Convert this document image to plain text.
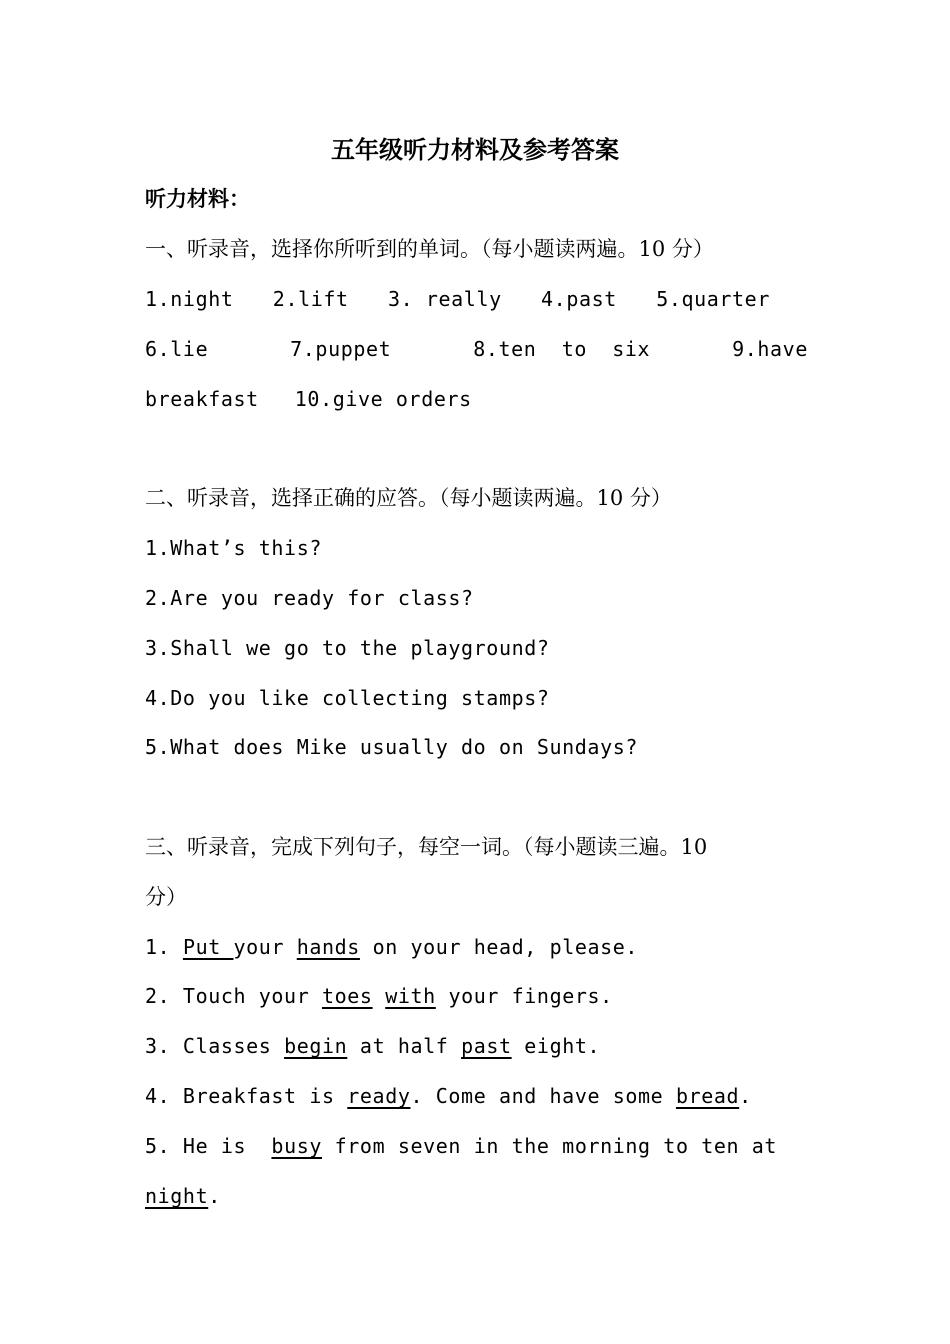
五年级听力材料及参考答案
听力材料：
一、听录音，选择你所听到的单词。（每小题读两遍。10 分）
1.night 2.lift 3. really 4.past 5.quarter
6.lie	7.puppet	8.ten  to  six	9.have
breakfast 10.give orders
二、听录音，选择正确的应答。（每小题读两遍。10 分）
1.What’s this?
2.Are you ready for class?
3.Shall we go to the playground?
4.Do you like collecting stamps?
5.What does Mike usually do on Sundays?
三、听录音，完成下列句子，每空一词。（每小题读三遍。10
分）
1. Put your hands on your head, please.
2. Touch your toes with your fingers.
3. Classes begin at half past eight.
4. Breakfast is ready. Come and have some bread.
5. He is  busy from seven in the morning to ten at
night.
